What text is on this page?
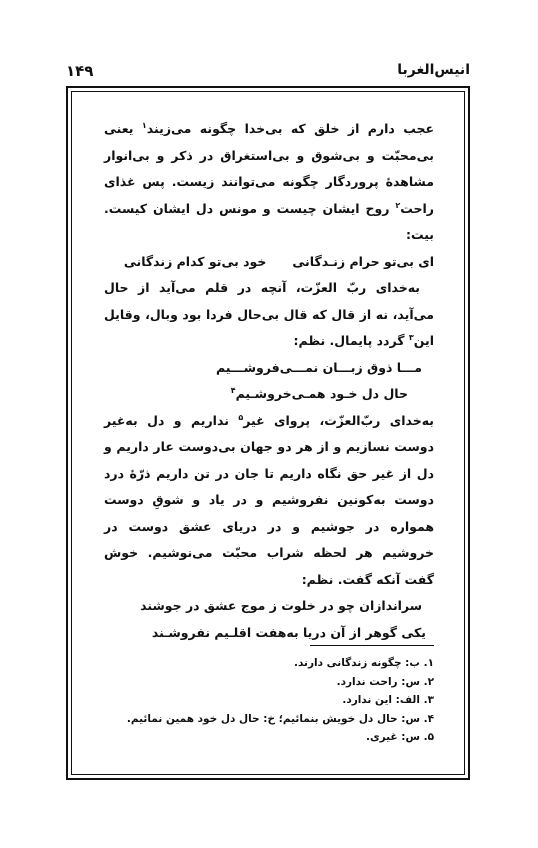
۱۴۹	انیس‌الغربا

عجب دارم از خلق که بی‌خدا چگونه می‌زیند$^۱$ یعنی بی‌محبّت و بی‌شوق و بی‌استغراق در ذکر و بی‌انوار مشاهدهٔ پروردگار چگونه می‌توانند زیست. پس غذای راحت$^۲$ روح ایشان چیست و مونس دل ایشان کیست. بیت:

ای بی‌تو حرام زنـدگانیخود بی‌تو کدام زندگانی

به‌خدای ربّ العزّت، آنچه در قلم می‌آید از حال می‌آید، نه از قال که قال بی‌حال فردا بود وبال، وقایل این$^۳$ گردد پایمال. نظم:

مـــا ذوق زبـــان نمـــی‌فروشـــیم

حال دل خـود همـی‌خروشـیم$^۴$

به‌خدای ربّ‌العزّت، پروای غیر$^۵$ نداریم و دل به‌غیر دوست نسازیم و از هر دو جهان بی‌دوست عار داریم و دل از غیر حق نگاه داریم تا جان در تن داریم ذرّهٔ درد دوست به‌کونین نفروشیم و در یاد و شوقِ دوست همواره در جوشیم و در دریای عشق دوست در خروشیم هر لحظه شراب محبّت می‌نوشیم. خوش گفت آنکه گفت. نظم:

سراندازان چو در خلوت ز موج عشق در جوشند

یکی گوهر از آن دریا به‌هفت اقلـیم نفروشـند

۱. ب: چگونه زندگانی دارند.
۲. س: راحت ندارد.
۳. الف: این ندارد.
۴. س: حال دل خویش بنمائیم؛ خ: حال دل خود همین نمائیم.
۵. س: غیری.
